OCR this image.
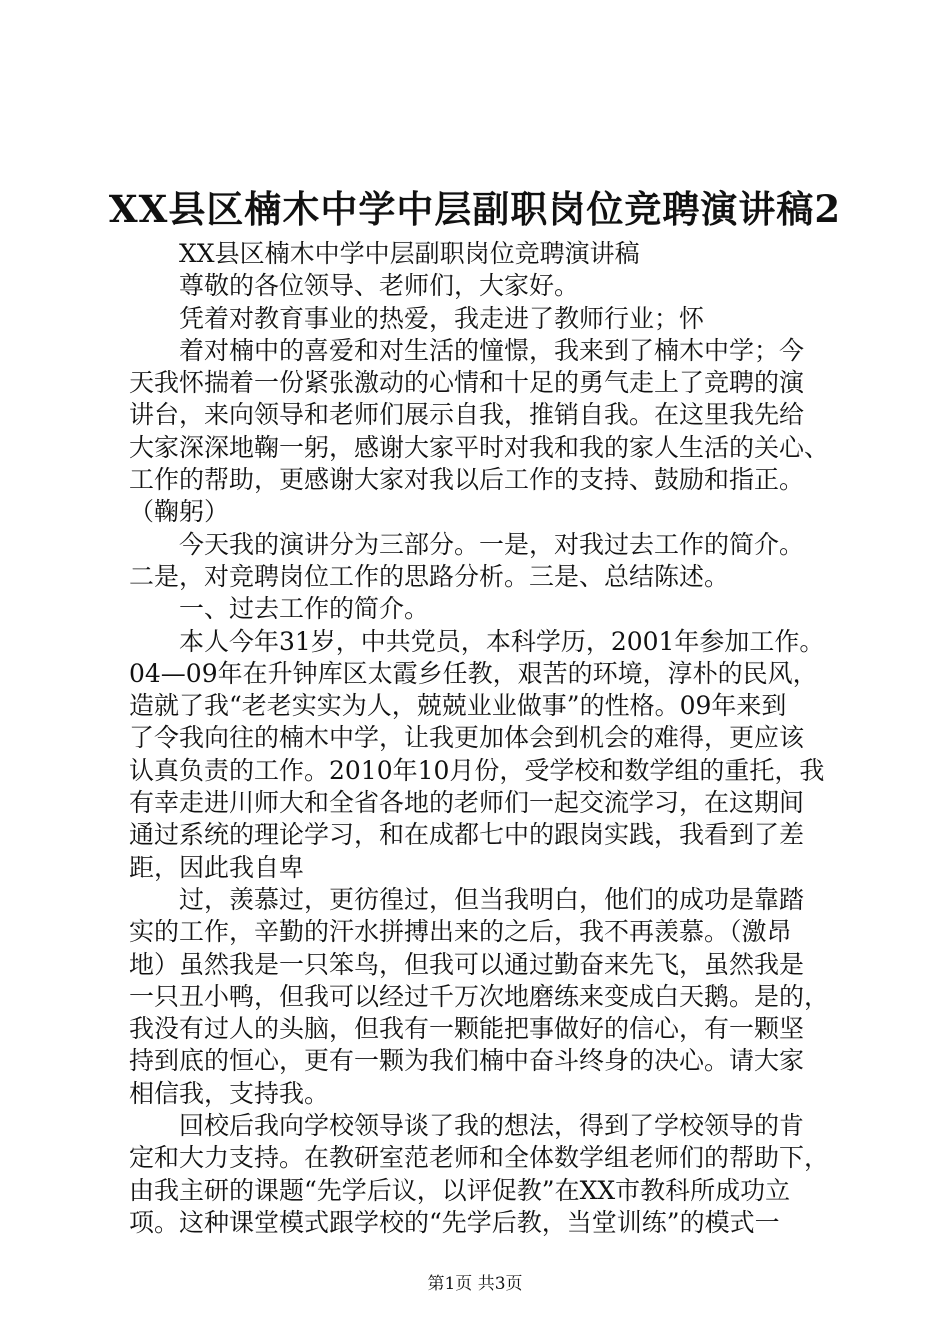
XX县区楠木中学中层副职岗位竞聘演讲稿2
XX县区楠木中学中层副职岗位竞聘演讲稿
尊敬的各位领导、老师们，大家好。
凭着对教育事业的热爱，我走进了教师行业；怀
着对楠中的喜爱和对生活的憧憬，我来到了楠木中学；今
天我怀揣着一份紧张激动的心情和十足的勇气走上了竞聘的演
讲台，来向领导和老师们展示自我，推销自我。在这里我先给
大家深深地鞠一躬，感谢大家平时对我和我的家人生活的关心、
工作的帮助，更感谢大家对我以后工作的支持、鼓励和指正。
（鞠躬）
今天我的演讲分为三部分。一是，对我过去工作的简介。
二是，对竞聘岗位工作的思路分析。三是、总结陈述。
一、过去工作的简介。
本人今年31岁，中共党员，本科学历，2001年参加工作。
04—09年在升钟库区太霞乡任教，艰苦的环境，淳朴的民风，
造就了我“老老实实为人，兢兢业业做事”的性格。09年来到
了令我向往的楠木中学，让我更加体会到机会的难得，更应该
认真负责的工作。2010年10月份，受学校和数学组的重托，我
有幸走进川师大和全省各地的老师们一起交流学习，在这期间
通过系统的理论学习，和在成都七中的跟岗实践，我看到了差
距，因此我自卑
过，羡慕过，更彷徨过，但当我明白，他们的成功是靠踏
实的工作，辛勤的汗水拼搏出来的之后，我不再羡慕。（激昂
地）虽然我是一只笨鸟，但我可以通过勤奋来先飞，虽然我是
一只丑小鸭，但我可以经过千万次地磨练来变成白天鹅。是的，
我没有过人的头脑，但我有一颗能把事做好的信心，有一颗坚
持到底的恒心，更有一颗为我们楠中奋斗终身的决心。请大家
相信我，支持我。
回校后我向学校领导谈了我的想法，得到了学校领导的肯
定和大力支持。在教研室范老师和全体数学组老师们的帮助下，
由我主研的课题“先学后议，以评促教”在XX市教科所成功立
项。这种课堂模式跟学校的“先学后教，当堂训练”的模式一
第1页 共3页
